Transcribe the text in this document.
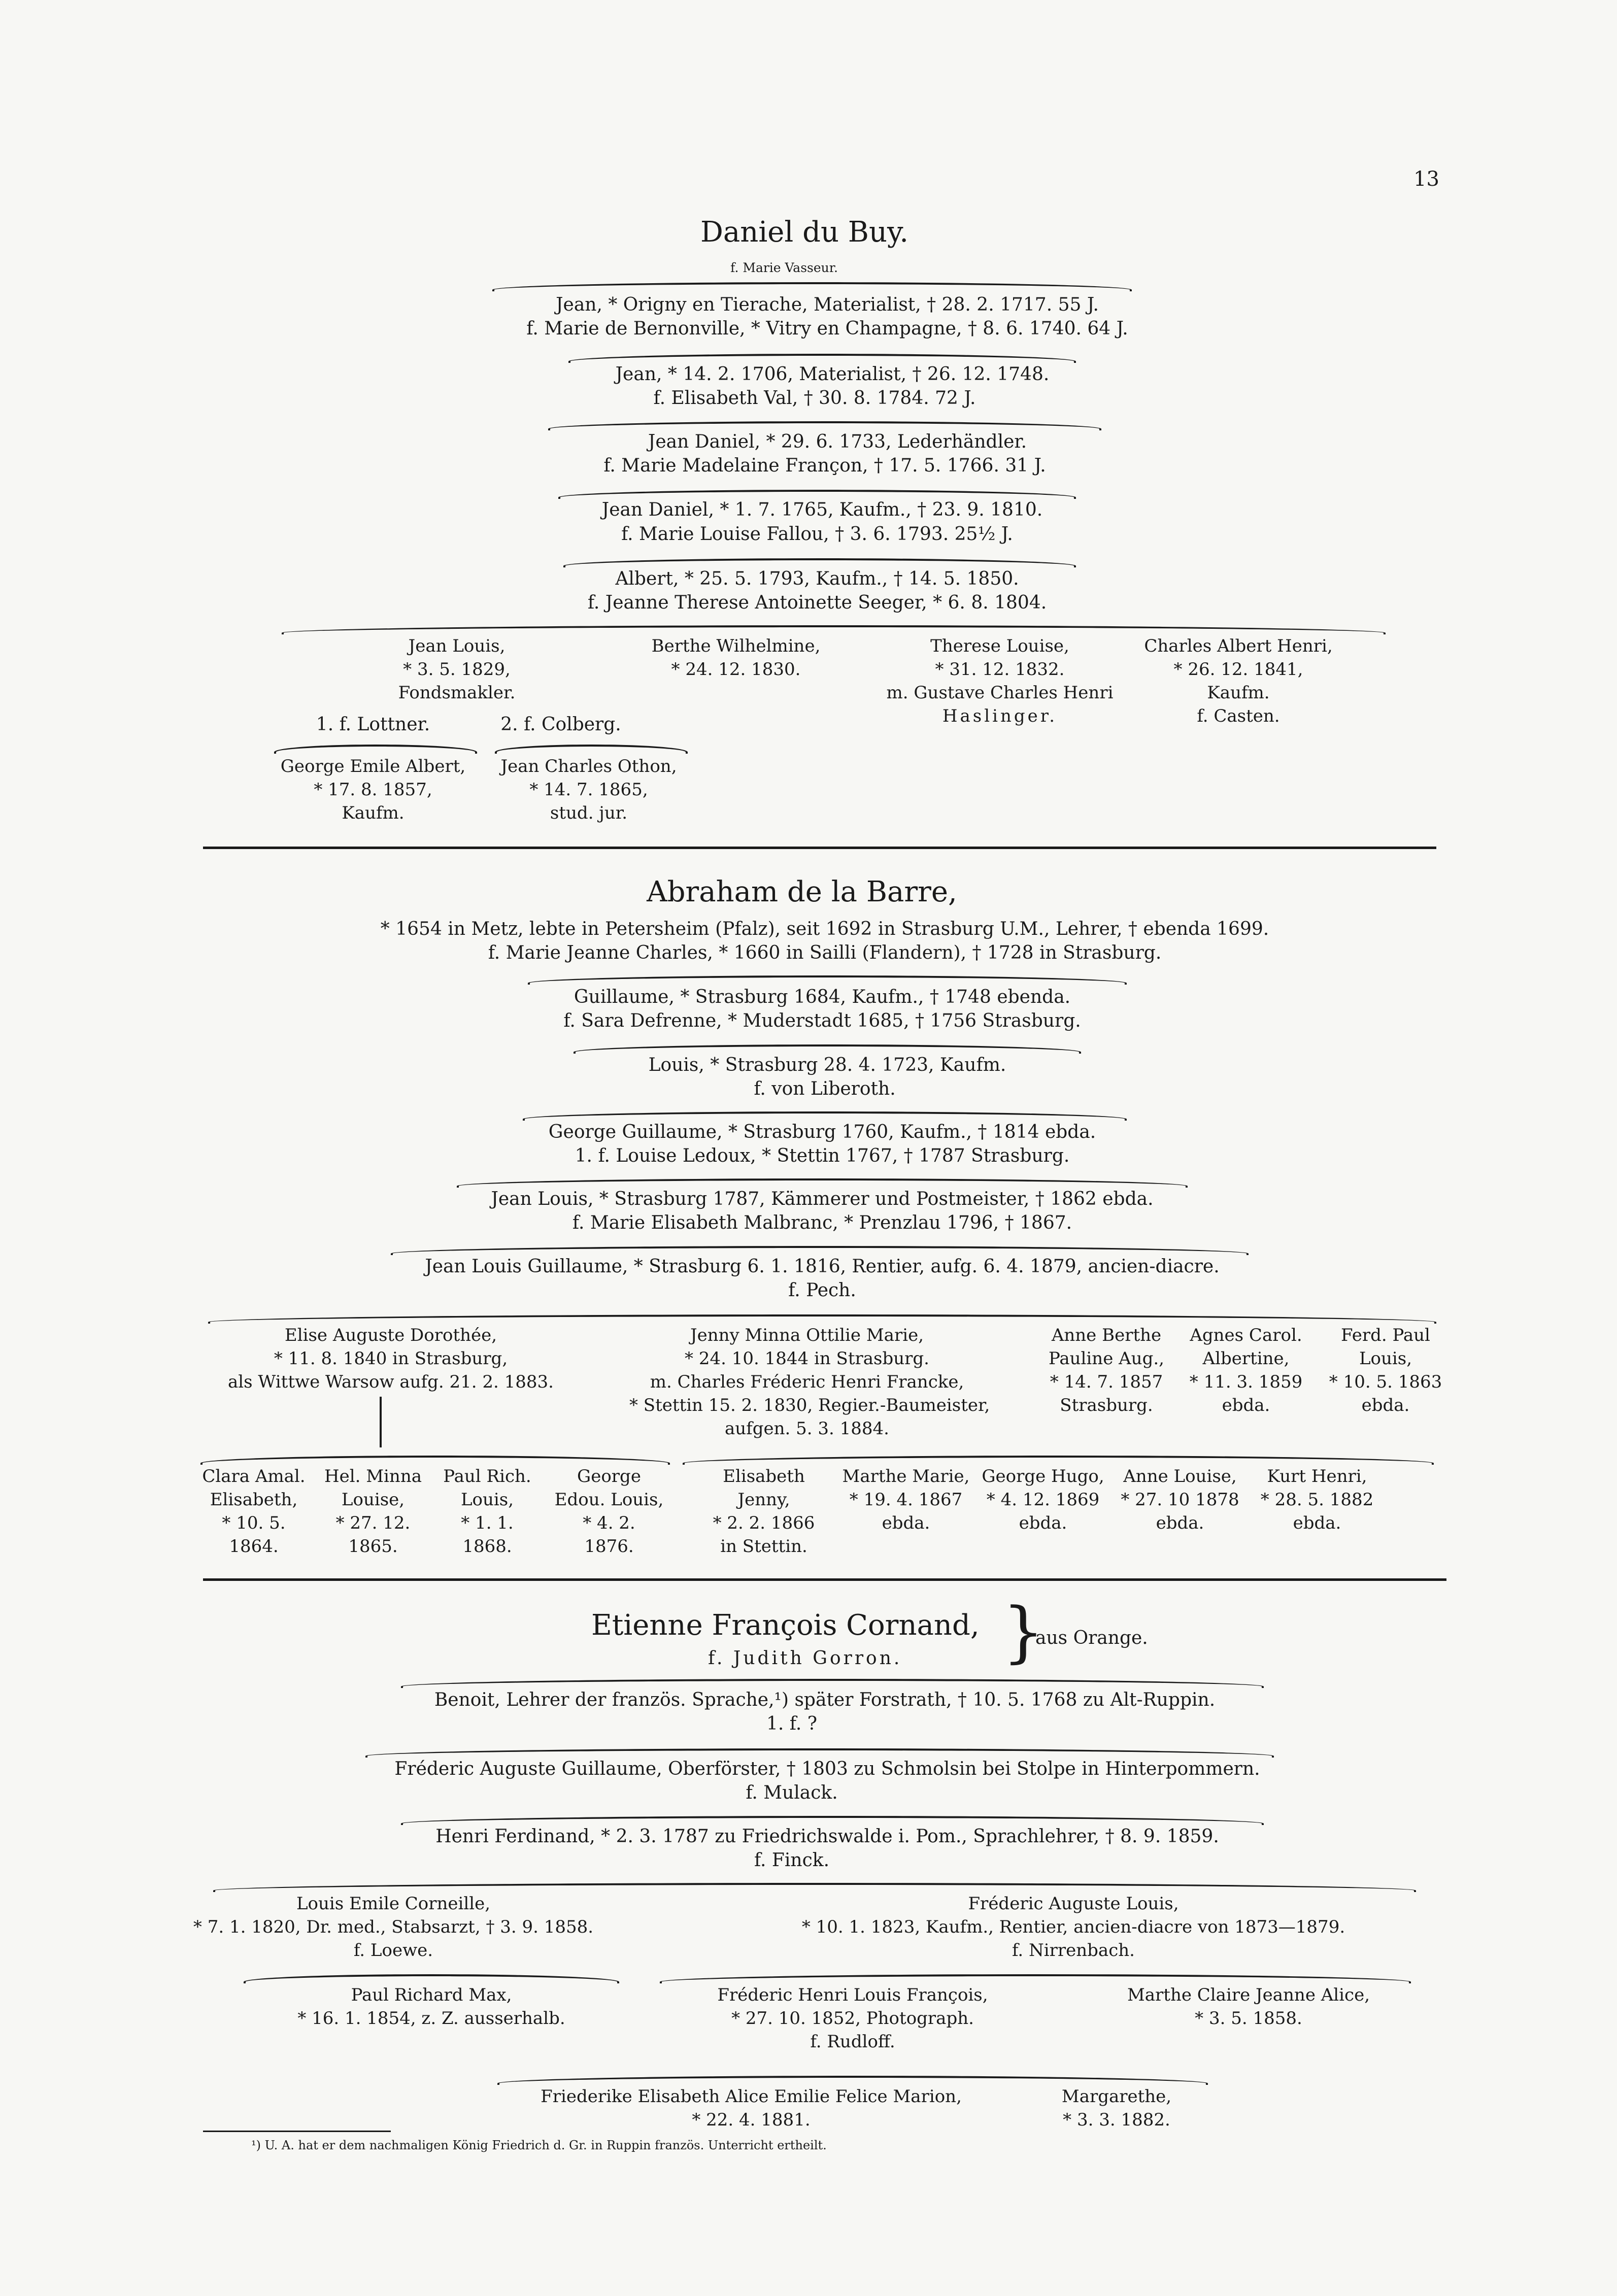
13
Daniel du Buy.
f. Marie Vasseur.
Jean, * Origny en Tierache, Materialist, † 28. 2. 1717. 55 J.
f. Marie de Bernonville, * Vitry en Champagne, † 8. 6. 1740. 64 J.
Jean, * 14. 2. 1706, Materialist, † 26. 12. 1748.
f. Elisabeth Val, † 30. 8. 1784. 72 J.
Jean Daniel, * 29. 6. 1733, Lederhändler.
f. Marie Madelaine Françon, † 17. 5. 1766. 31 J.
Jean Daniel, * 1. 7. 1765, Kaufm., † 23. 9. 1810.
f. Marie Louise Fallou, † 3. 6. 1793. 25½ J.
Albert, * 25. 5. 1793, Kaufm., † 14. 5. 1850.
f. Jeanne Therese Antoinette Seeger, * 6. 8. 1804.
Jean Louis,
* 3. 5. 1829,
Fondsmakler.
Berthe Wilhelmine,
* 24. 12. 1830.
Therese Louise,
* 31. 12. 1832.
m. Gustave Charles Henri
Haslinger.
Charles Albert Henri,
* 26. 12. 1841,
Kaufm.
f. Casten.
1. f. Lottner.	2. f. Colberg.
George Emile Albert,
* 17. 8. 1857,
Kaufm.
Jean Charles Othon,
* 14. 7. 1865,
stud. jur.
Abraham de la Barre,
* 1654 in Metz, lebte in Petersheim (Pfalz), seit 1692 in Strasburg U.M., Lehrer, † ebenda 1699.
f. Marie Jeanne Charles, * 1660 in Sailli (Flandern), † 1728 in Strasburg.
Guillaume, * Strasburg 1684, Kaufm., † 1748 ebenda.
f. Sara Defrenne, * Muderstadt 1685, † 1756 Strasburg.
Louis, * Strasburg 28. 4. 1723, Kaufm.
f. von Liberoth.
George Guillaume, * Strasburg 1760, Kaufm., † 1814 ebda.
1. f. Louise Ledoux, * Stettin 1767, † 1787 Strasburg.
Jean Louis, * Strasburg 1787, Kämmerer und Postmeister, † 1862 ebda.
f. Marie Elisabeth Malbranc, * Prenzlau 1796, † 1867.
Jean Louis Guillaume, * Strasburg 6. 1. 1816, Rentier, aufg. 6. 4. 1879, ancien-diacre.
f. Pech.
Elise Auguste Dorothée,
* 11. 8. 1840 in Strasburg,
als Wittwe Warsow aufg. 21. 2. 1883.
Jenny Minna Ottilie Marie,
* 24. 10. 1844 in Strasburg.
m. Charles Fréderic Henri Francke,
* Stettin 15. 2. 1830, Regier.-Baumeister,
aufgen. 5. 3. 1884.
Anne Berthe
Pauline Aug.,
* 14. 7. 1857
Strasburg.
Agnes Carol.
Albertine,
* 11. 3. 1859
ebda.
Ferd. Paul
Louis,
* 10. 5. 1863
ebda.
Clara Amal.
Elisabeth,
* 10. 5.
1864.
Hel. Minna
Louise,
* 27. 12.
1865.
Paul Rich.
Louis,
* 1. 1.
1868.
George
Edou. Louis,
* 4. 2.
1876.
Elisabeth
Jenny,
* 2. 2. 1866
in Stettin.
Marthe Marie,
* 19. 4. 1867
ebda.
George Hugo,
* 4. 12. 1869
ebda.
Anne Louise,
* 27. 10 1878
ebda.
Kurt Henri,
* 28. 5. 1882
ebda.
Etienne François Cornand, }
aus Orange.
f. Judith Gorron.
Benoit, Lehrer der französ. Sprache,¹) später Forstrath, † 10. 5. 1768 zu Alt-Ruppin.
1. f. ?
Fréderic Auguste Guillaume, Oberförster, † 1803 zu Schmolsin bei Stolpe in Hinterpommern.
f. Mulack.
Henri Ferdinand, * 2. 3. 1787 zu Friedrichswalde i. Pom., Sprachlehrer, † 8. 9. 1859.
f. Finck.
Louis Emile Corneille,
* 7. 1. 1820, Dr. med., Stabsarzt, † 3. 9. 1858.
f. Loewe.
Fréderic Auguste Louis,
* 10. 1. 1823, Kaufm., Rentier, ancien-diacre von 1873—1879.
f. Nirrenbach.
Paul Richard Max,
* 16. 1. 1854, z. Z. ausserhalb.
Fréderic Henri Louis François,
* 27. 10. 1852, Photograph.
f. Rudloff.
Marthe Claire Jeanne Alice,
* 3. 5. 1858.
Friederike Elisabeth Alice Emilie Felice Marion,
* 22. 4. 1881.
Margarethe,
* 3. 3. 1882.
¹) U. A. hat er dem nachmaligen König Friedrich d. Gr. in Ruppin französ. Unterricht ertheilt.
